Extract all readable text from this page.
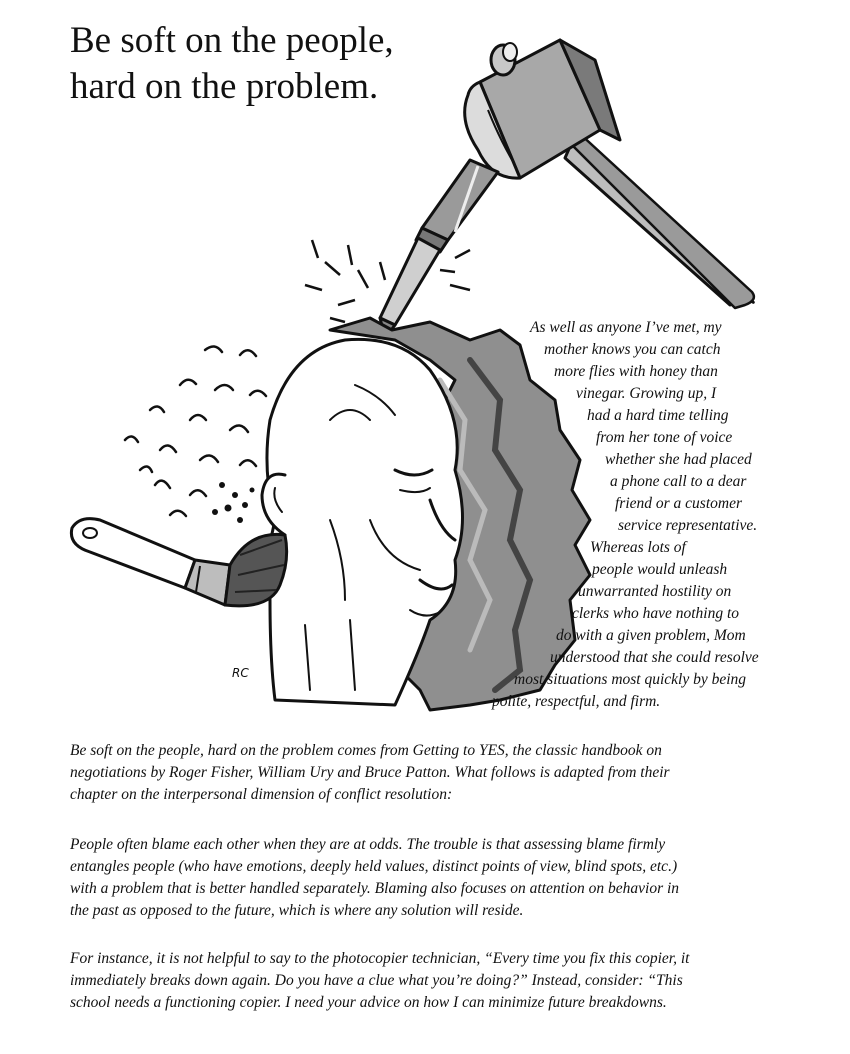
Be soft on the people,
hard on the problem.
RC
As well as anyone I’ve met, my
mother knows you can catch
more flies with honey than
vinegar. Growing up, I
had a hard time telling
from her tone of voice
whether she had placed
a phone call to a dear
friend or a customer
service representative.
Whereas lots of
people would unleash
unwarranted hostility on
clerks who have nothing to
do with a given problem, Mom
understood that she could resolve
most situations most quickly by being
polite, respectful, and firm.

Be soft on the people, hard on the problem comes from Getting to YES, the classic handbook on
negotiations by Roger Fisher, William Ury and Bruce Patton. What follows is adapted from their
chapter on the interpersonal dimension of conflict resolution:

People often blame each other when they are at odds. The trouble is that assessing blame firmly
entangles people (who have emotions, deeply held values, distinct points of view, blind spots, etc.)
with a problem that is better handled separately. Blaming also focuses on attention on behavior in
the past as opposed to the future, which is where any solution will reside.

For instance, it is not helpful to say to the photocopier technician, “Every time you fix this copier, it
immediately breaks down again. Do you have a clue what you’re doing?” Instead, consider: “This
school needs a functioning copier. I need your advice on how I can minimize future breakdowns.
